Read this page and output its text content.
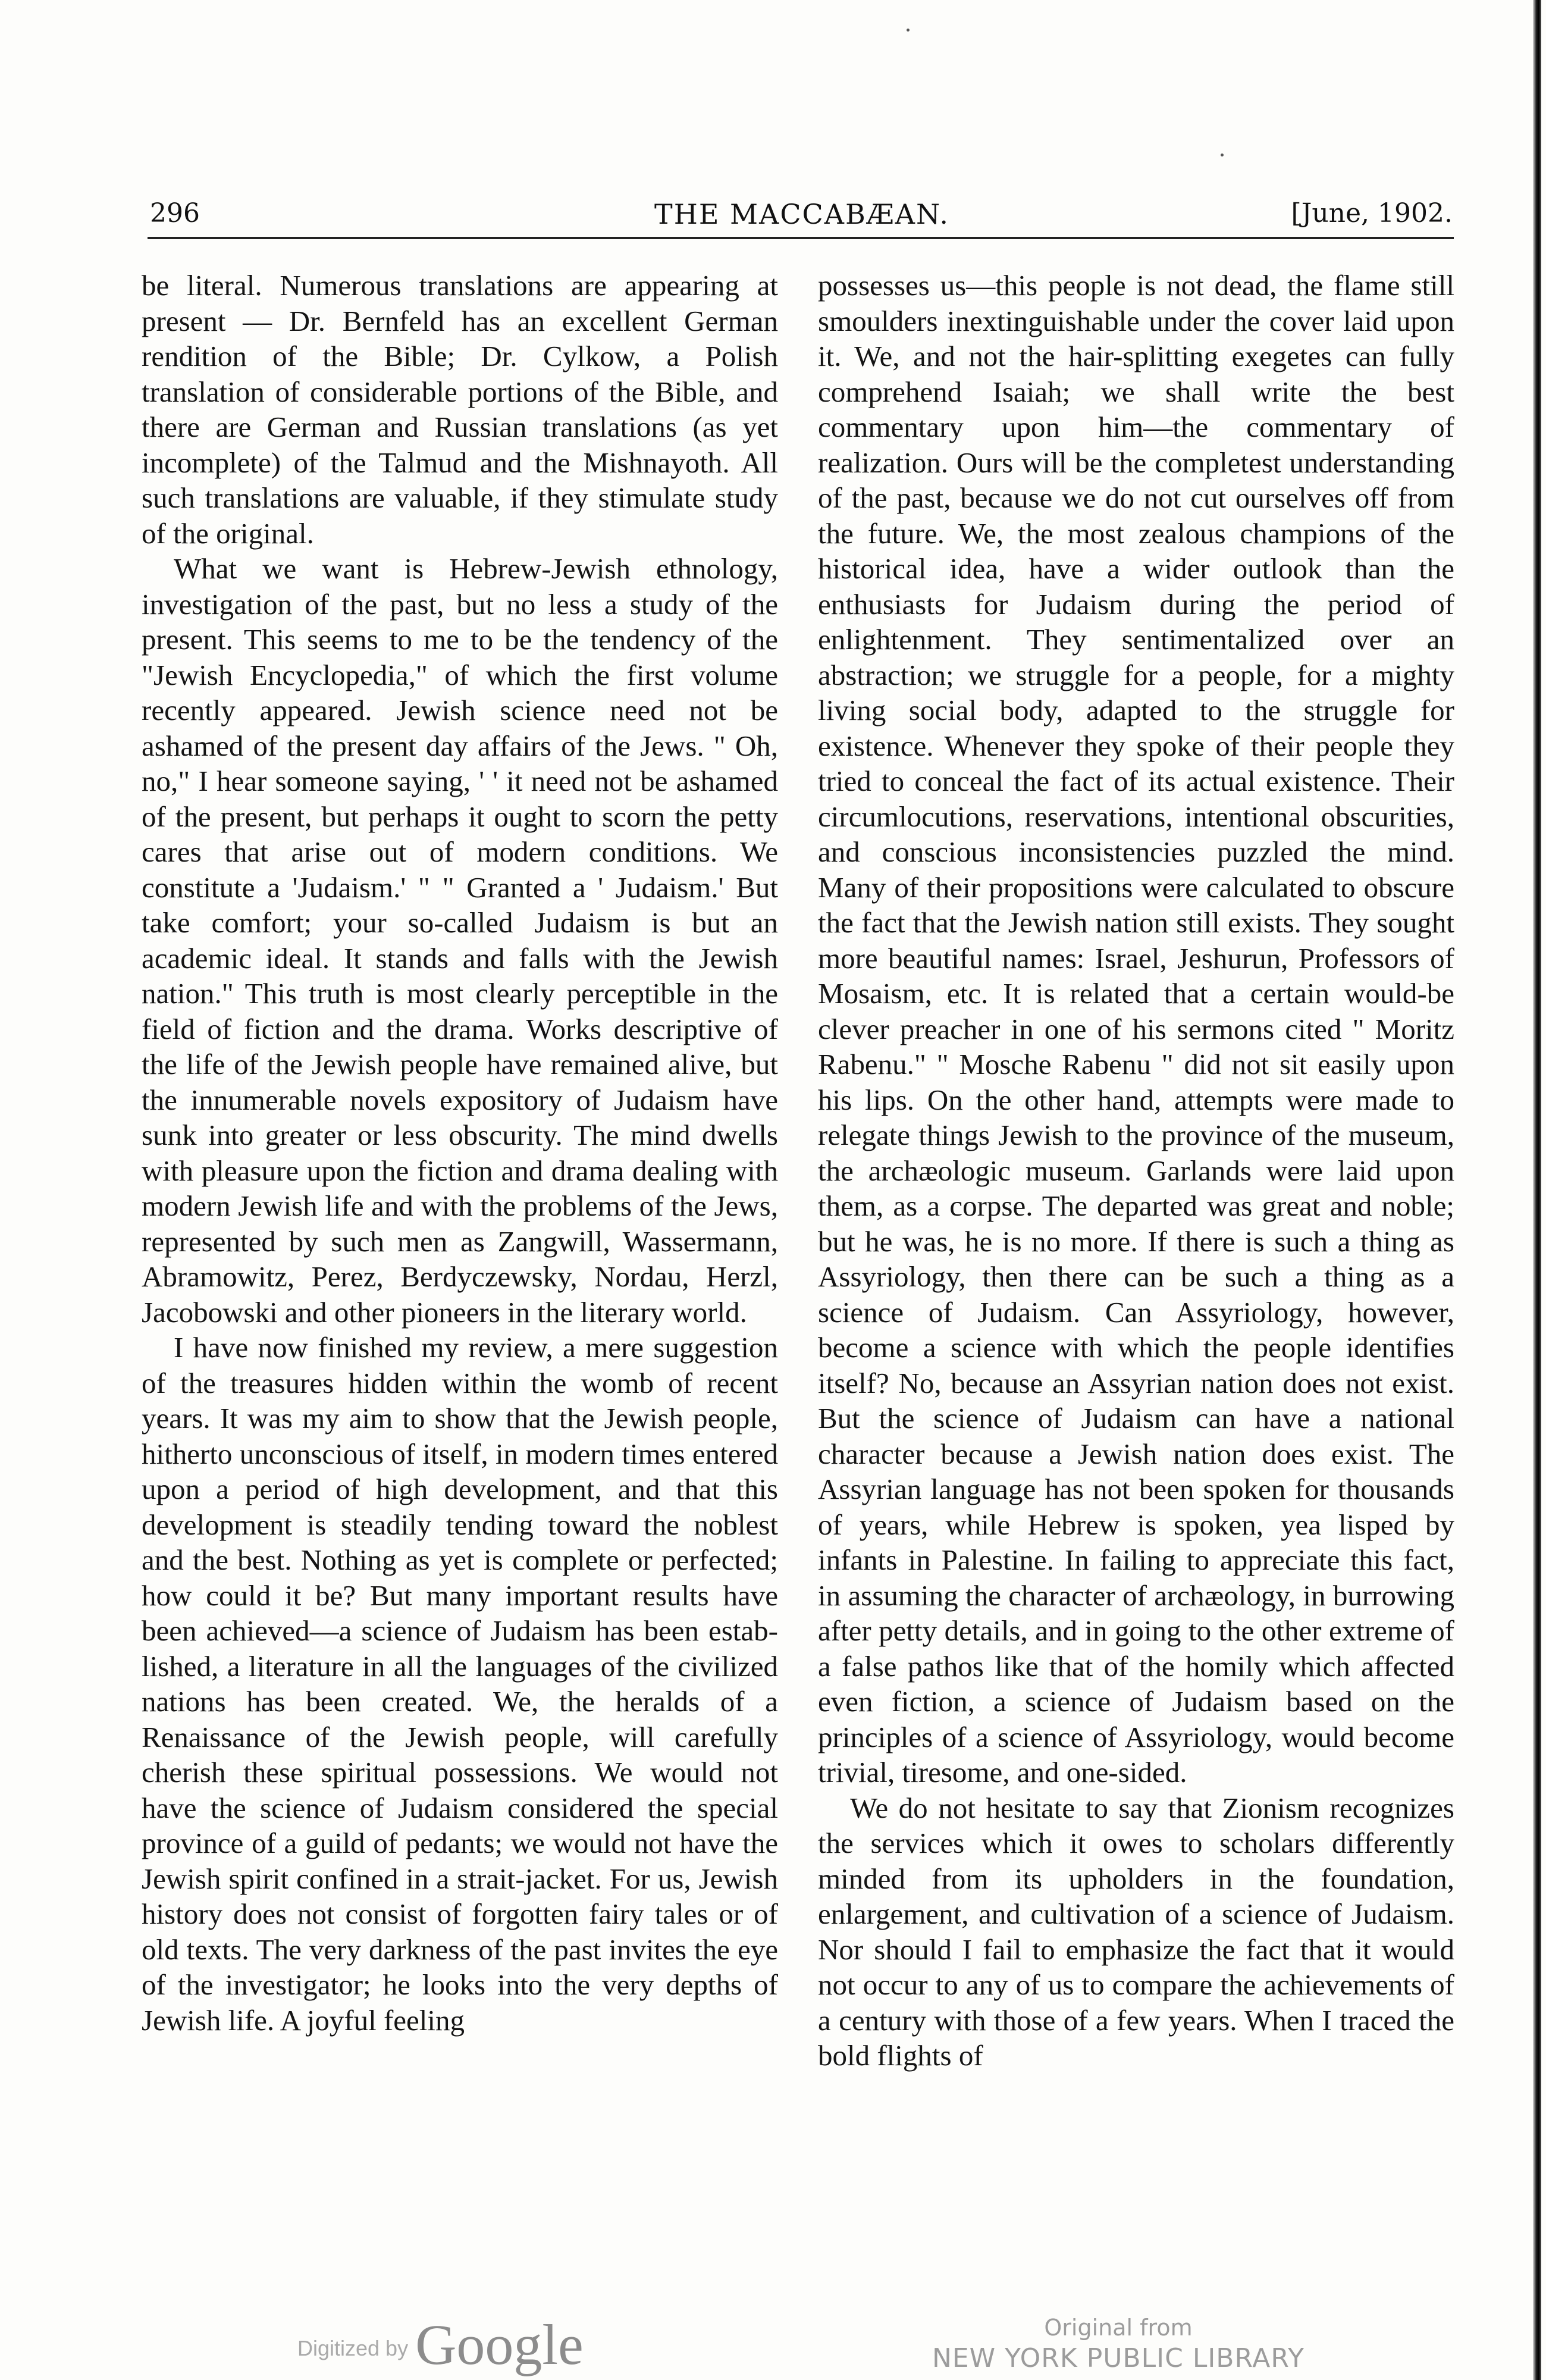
296	THE MACCABÆAN.	[June, 1902.

be literal. Numerous translations are appearing at present — Dr. Bernfeld has an excellent German rendition of the Bible; Dr. Cylkow, a Polish translation of considerable portions of the Bible, and there are German and Russian translations (as yet incomplete) of the Talmud and the Mishnayoth. All such translations are valuable, if they stimulate study of the original.

What we want is Hebrew-Jewish ethnology, investigation of the past, but no less a study of the present. This seems to me to be the tendency of the "Jewish Encyclopedia," of which the first volume recently appeared. Jewish science need not be ashamed of the present day affairs of the Jews. " Oh, no," I hear someone saying, ' ' it need not be ashamed of the present, but perhaps it ought to scorn the petty cares that arise out of modern conditions. We constitute a 'Judaism.' " " Granted a ' Judaism.' But take comfort; your so-called Judaism is but an academic ideal. It stands and falls with the Jewish nation." This truth is most clearly perceptible in the field of fiction and the drama. Works descriptive of the life of the Jewish people have remained alive, but the innumerable novels expository of Judaism have sunk into greater or less obscurity. The mind dwells with pleasure upon the fiction and drama dealing with modern Jewish life and with the problems of the Jews, represented by such men as Zangwill, Wassermann, Abramowitz, Perez, Berdyczewsky, Nordau, Herzl, Jacobowski and other pioneers in the literary world.

I have now finished my review, a mere suggestion of the treasures hidden within the womb of recent years. It was my aim to show that the Jewish people, hitherto unconscious of itself, in modern times entered upon a period of high development, and that this development is steadily tending toward the noblest and the best. Nothing as yet is complete or perfected; how could it be? But many important results have been achieved—a science of Judaism has been established, a literature in all the languages of the civilized nations has been created. We, the heralds of a Renaissance of the Jewish people, will carefully cherish these spiritual possessions. We would not have the science of Judaism considered the special province of a guild of pedants; we would not have the Jewish spirit confined in a strait-jacket. For us, Jewish history does not consist of forgotten fairy tales or of old texts. The very darkness of the past invites the eye of the investigator; he looks into the very depths of Jewish life. A joyful feeling

possesses us—this people is not dead, the flame still smoulders inextinguishable under the cover laid upon it. We, and not the hair-splitting exegetes can fully comprehend Isaiah; we shall write the best commentary upon him—the commentary of realization. Ours will be the completest understanding of the past, because we do not cut ourselves off from the future. We, the most zealous champions of the historical idea, have a wider outlook than the enthusiasts for Judaism during the period of enlightenment. They sentimentalized over an abstraction; we struggle for a people, for a mighty living social body, adapted to the struggle for existence. Whenever they spoke of their people they tried to conceal the fact of its actual existence. Their circumlocutions, reservations, intentional obscurities, and conscious inconsistencies puzzled the mind. Many of their propositions were calculated to obscure the fact that the Jewish nation still exists. They sought more beautiful names: Israel, Jeshurun, Professors of Mosaism, etc. It is related that a certain would-be clever preacher in one of his sermons cited " Moritz Rabenu." " Mosche Rabenu " did not sit easily upon his lips. On the other hand, attempts were made to relegate things Jewish to the province of the museum, the archæologic museum. Garlands were laid upon them, as a corpse. The departed was great and noble; but he was, he is no more. If there is such a thing as Assyriology, then there can be such a thing as a science of Judaism. Can Assyriology, however, become a science with which the people identifies itself? No, because an Assyrian nation does not exist. But the science of Judaism can have a national character because a Jewish nation does exist. The Assyrian language has not been spoken for thousands of years, while Hebrew is spoken, yea lisped by infants in Palestine. In failing to appreciate this fact, in assuming the character of archæology, in burrowing after petty details, and in going to the other extreme of a false pathos like that of the homily which affected even fiction, a science of Judaism based on the principles of a science of Assyriology, would become trivial, tiresome, and one-sided.

We do not hesitate to say that Zionism recognizes the services which it owes to scholars differently minded from its upholders in the foundation, enlargement, and cultivation of a science of Judaism. Nor should I fail to emphasize the fact that it would not occur to any of us to compare the achievements of a century with those of a few years. When I traced the bold flights of

Digitized by Google	Original from
NEW YORK PUBLIC LIBRARY
